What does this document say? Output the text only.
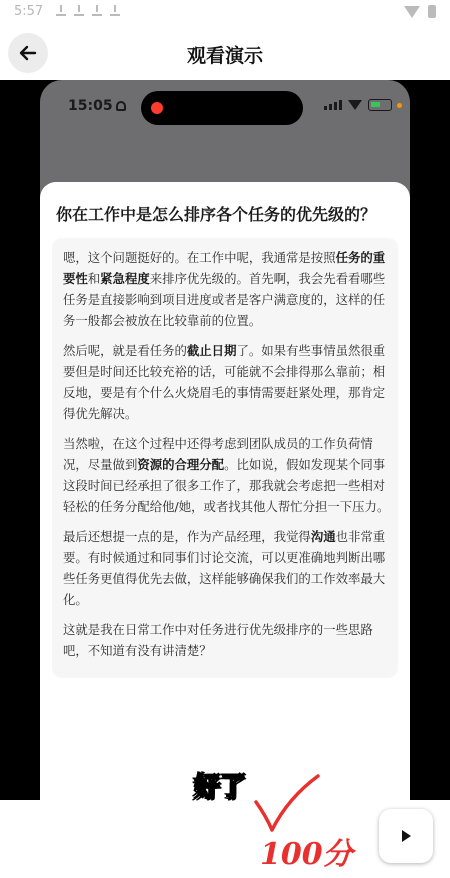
5:57
观看演示
15:05
你在工作中是怎么排序各个任务的优先级的？

嗯，这个问题挺好的。在工作中呢，我通常是按照任务的重要性和紧急程度来排序优先级的。首先啊，我会先看看哪些任务是直接影响到项目进度或者是客户满意度的，这样的任务一般都会被放在比较靠前的位置。

然后呢，就是看任务的截止日期了。如果有些事情虽然很重要但是时间还比较充裕的话，可能就不会排得那么靠前；相反地，要是有个什么火烧眉毛的事情需要赶紧处理，那肯定得优先解决。

当然啦，在这个过程中还得考虑到团队成员的工作负荷情况，尽量做到资源的合理分配。比如说，假如发现某个同事这段时间已经承担了很多工作了，那我就会考虑把一些相对轻松的任务分配给他/她，或者找其他人帮忙分担一下压力。

最后还想提一点的是，作为产品经理，我觉得沟通也非常重要。有时候通过和同事们讨论交流，可以更准确地判断出哪些任务更值得优先去做，这样能够确保我们的工作效率最大化。

这就是我在日常工作中对任务进行优先级排序的一些思路吧，不知道有没有讲清楚？

好了
100分
